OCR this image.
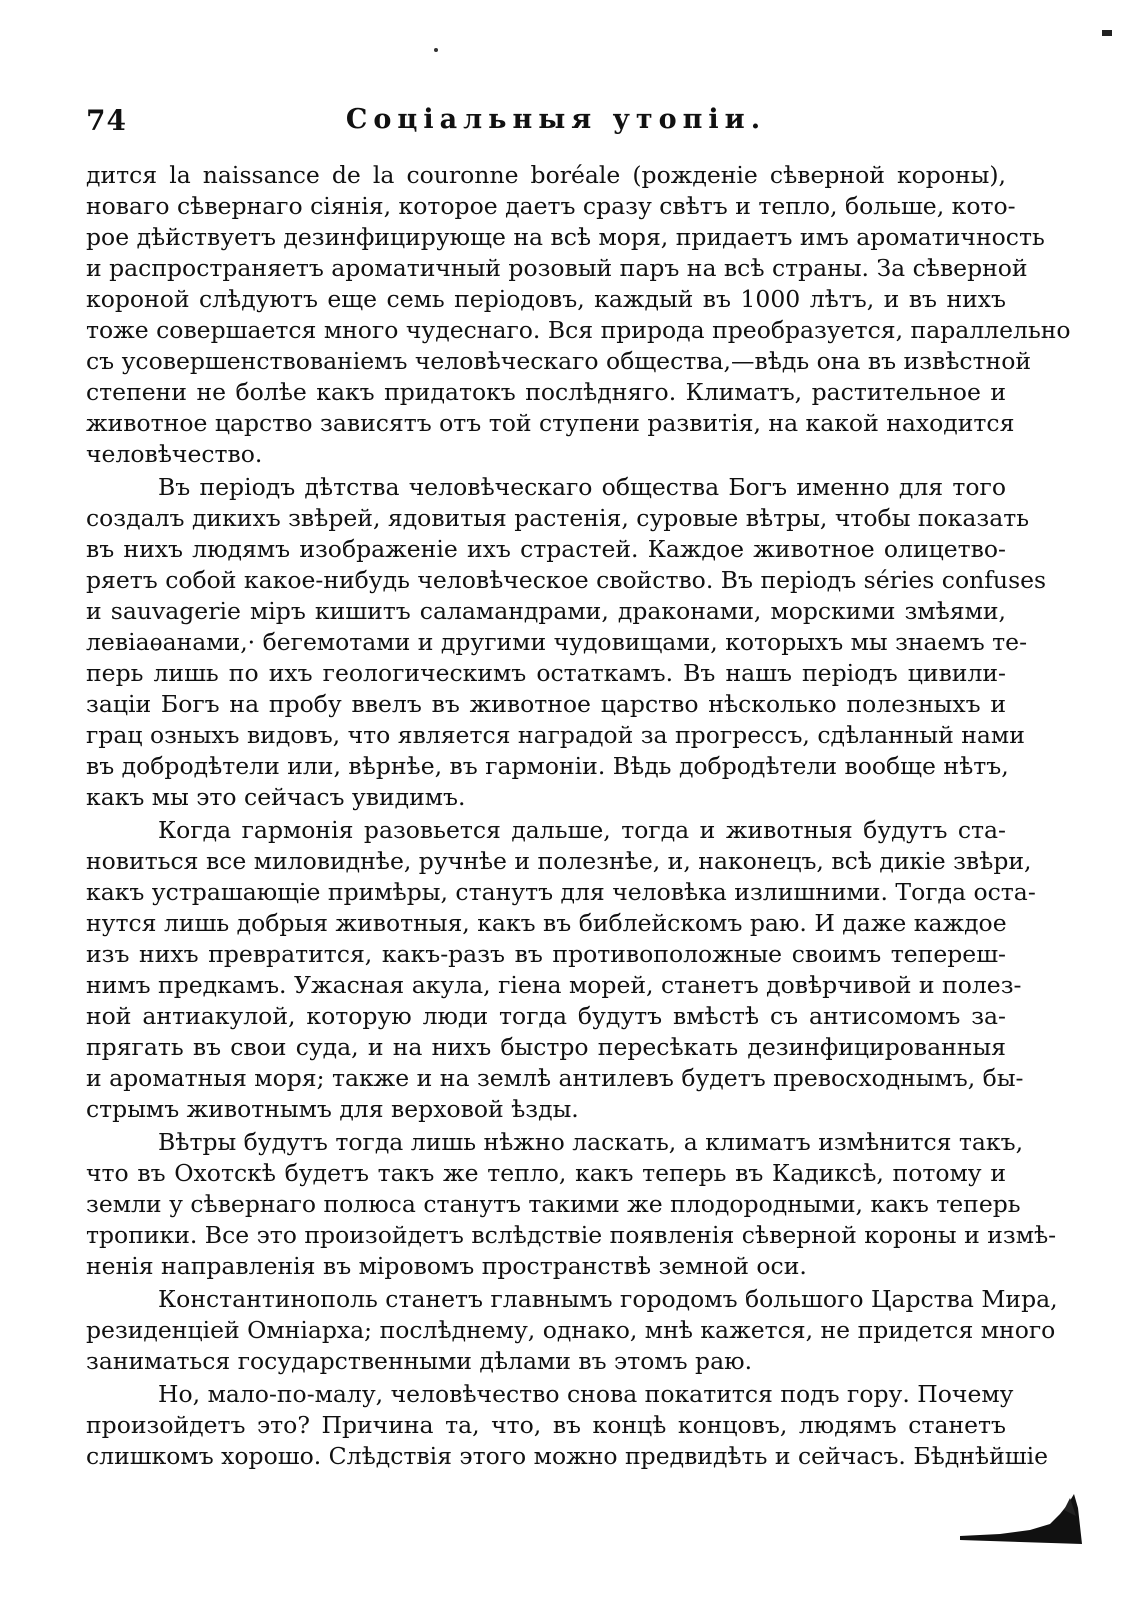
74	Соціальныя утопіи.
дится la naissance de la couronne boréale (рожденіе сѣверной короны),
новаго сѣвернаго сіянія, которое даетъ сразу свѣтъ и тепло, больше, кото-
рое дѣйствуетъ дезинфицирующе на всѣ моря, придаетъ имъ ароматичность
и распространяетъ ароматичный розовый паръ на всѣ страны. За сѣверной
короной слѣдуютъ еще семь періодовъ, каждый въ 1000 лѣтъ, и въ нихъ
тоже совершается много чудеснаго. Вся природа преобразуется, параллельно
съ усовершенствованіемъ человѣческаго общества,—вѣдь она въ извѣстной
степени не болѣе какъ придатокъ послѣдняго. Климатъ, растительное и
животное царство зависятъ отъ той ступени развитія, на какой находится
человѣчество.
Въ періодъ дѣтства человѣческаго общества Богъ именно для того
создалъ дикихъ звѣрей, ядовитыя растенія, суровые вѣтры, чтобы показать
въ нихъ людямъ изображеніе ихъ страстей. Каждое животное олицетво-
ряетъ собой какое-нибудь человѣческое свойство. Въ періодъ séries confuses
и sauvagerie міръ кишитъ саламандрами, драконами, морскими змѣями,
левіаѳанами,· бегемотами и другими чудовищами, которыхъ мы знаемъ те-
перь лишь по ихъ геологическимъ остаткамъ. Въ нашъ періодъ цивили-
заціи Богъ на пробу ввелъ въ животное царство нѣсколько полезныхъ и
грац озныхъ видовъ, что является наградой за прогрессъ, сдѣланный нами
въ добродѣтели или, вѣрнѣе, въ гармоніи. Вѣдь добродѣтели вообще нѣтъ,
какъ мы это сейчасъ увидимъ.
Когда гармонія разовьется дальше, тогда и животныя будутъ ста-
новиться все миловиднѣе, ручнѣе и полезнѣе, и, наконецъ, всѣ дикіе звѣри,
какъ устрашающіе примѣры, станутъ для человѣка излишними. Тогда оста-
нутся лишь добрыя животныя, какъ въ библейскомъ раю. И даже каждое
изъ нихъ превратится, какъ-разъ въ противоположные своимъ тепереш-
нимъ предкамъ. Ужасная акула, гіена морей, станетъ довѣрчивой и полез-
ной антиакулой, которую люди тогда будутъ вмѣстѣ съ антисомомъ за-
прягать въ свои суда, и на нихъ быстро пересѣкать дезинфицированныя
и ароматныя моря; также и на землѣ антилевъ будетъ превосходнымъ, бы-
стрымъ животнымъ для верховой ѣзды.
Вѣтры будутъ тогда лишь нѣжно ласкать, а климатъ измѣнится такъ,
что въ Охотскѣ будетъ такъ же тепло, какъ теперь въ Кадиксѣ, потому и
земли у сѣвернаго полюса станутъ такими же плодородными, какъ теперь
тропики. Все это произойдетъ вслѣдствіе появленія сѣверной короны и измѣ-
ненія направленія въ міровомъ пространствѣ земной оси.
Константинополь станетъ главнымъ городомъ большого Царства Мира,
резиденціей Омніарха; послѣднему, однако, мнѣ кажется, не придется много
заниматься государственными дѣлами въ этомъ раю.
Но, мало-по-малу, человѣчество снова покатится подъ гору. Почему
произойдетъ это? Причина та, что, въ концѣ концовъ, людямъ станетъ
слишкомъ хорошо. Слѣдствія этого можно предвидѣть и сейчасъ. Бѣднѣйшіе
